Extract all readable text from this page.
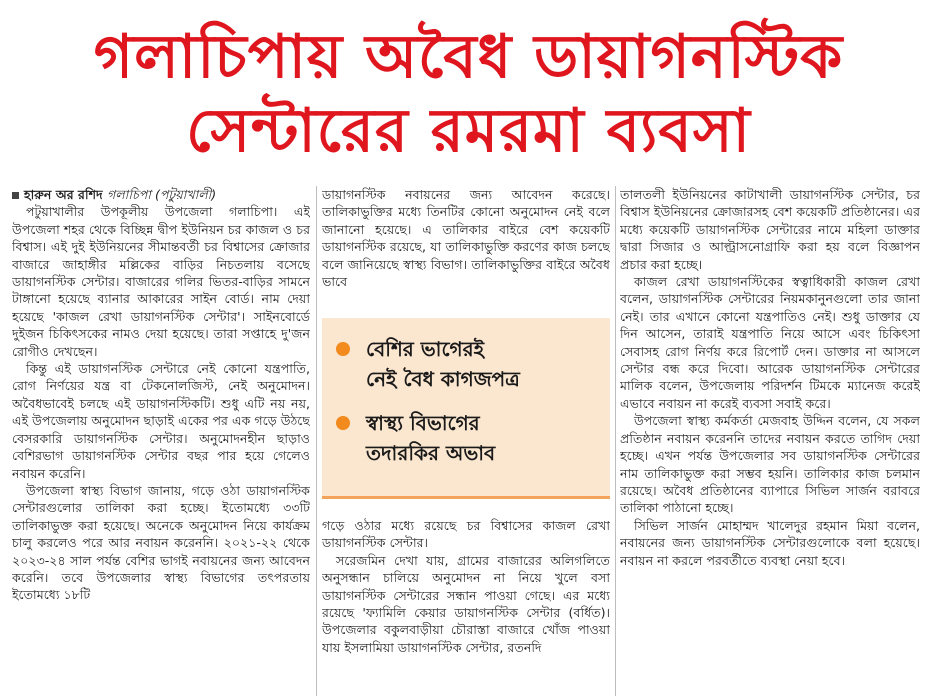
গলাচিপায় অবৈধ ডায়াগনস্টিক
সেন্টারের রমরমা ব্যবসা

হারুন অর রশিদ গলাচিপা (পটুয়াখালী)

পটুয়াখালীর উপকূলীয় উপজেলা গলাচিপা। এই উপজেলা শহর থেকে বিচ্ছিন্ন দ্বীপ ইউনিয়ন চর কাজল ও চর বিশ্বাস। এই দুই ইউনিয়নের সীমান্তবর্তী চর বিশ্বাসের ক্রোজার বাজারে জাহাঙ্গীর মল্লিকের বাড়ির নিচতলায় বসেছে ডায়াগনস্টিক সেন্টার। বাজারের গলির ভিতর-বাড়ির সামনে টাঙ্গানো হয়েছে ব্যানার আকারের সাইন বোর্ড। নাম দেয়া হয়েছে 'কাজল রেখা ডায়াগনস্টিক সেন্টার'। সাইনবোর্ডে দুইজন চিকিৎসকের নামও দেয়া হয়েছে। তারা সপ্তাহে দু'জন রোগীও দেখছেন।

কিন্তু এই ডায়াগনস্টিক সেন্টারে নেই কোনো যন্ত্রপাতি, রোগ নির্ণয়ের যন্ত্র বা টেকনোলজিস্ট, নেই অনুমোদন। অবৈধভাবেই চলছে এই ডায়াগনস্টিকটি। শুধু এটি নয় নয়, এই উপজেলায় অনুমোদন ছাড়াই একের পর এক গড়ে উঠছে বেসরকারি ডায়াগনস্টিক সেন্টার। অনুমোদনহীন ছাড়াও বেশিরভাগ ডায়াগনস্টিক সেন্টার বছর পার হয়ে গেলেও নবায়ন করেনি।

উপজেলা স্বাস্থ্য বিভাগ জানায়, গড়ে ওঠা ডায়াগনস্টিক সেন্টারগুলোর তালিকা করা হচ্ছে। ইতোমধ্যে ৩৩টি তালিকাভুক্ত করা হয়েছে। অনেকে অনুমোদন নিয়ে কার্যক্রম চালু করলেও পরে আর নবায়ন করেননি। ২০২১-২২ থেকে ২০২৩-২৪ সাল পর্যন্ত বেশির ভাগই নবায়নের জন্য আবেদন করেনি। তবে উপজেলার স্বাস্থ্য বিভাগের তৎপরতায় ইতোমধ্যে ১৮টি

ডায়াগনস্টিক নবায়নের জন্য আবেদন করেছে। তালিকাভুক্তির মধ্যে তিনটির কোনো অনুমোদন নেই বলে জানানো হয়েছে। এ তালিকার বাইরে বেশ কয়েকটি ডায়াগনস্টিক রয়েছে, যা তালিকাভুক্তি করণের কাজ চলছে বলে জানিয়েছে স্বাস্থ্য বিভাগ। তালিকাভুক্তির বাইরে অবৈধ ভাবে

বেশির ভাগেরই
নেই বৈধ কাগজপত্র
স্বাস্থ্য বিভাগের
তদারকির অভাব

গড়ে ওঠার মধ্যে রয়েছে চর বিশ্বাসের কাজল রেখা ডায়াগনস্টিক সেন্টার।

সরেজমিন দেখা যায়, গ্রামের বাজারের অলিগলিতে অনুসন্ধান চালিয়ে অনুমোদন না নিয়ে খুলে বসা ডায়াগনস্টিক সেন্টারের সন্ধান পাওয়া গেছে। এর মধ্যে রয়েছে 'ফ্যামিলি কেয়ার ডায়াগনস্টিক সেন্টার (বর্ধিত)। উপজেলার বকুলবাড়ীয়া চৌরাস্তা বাজারে খোঁজ পাওয়া যায় ইসলামিয়া ডায়াগনস্টিক সেন্টার, রতনদি

তালতলী ইউনিয়নের কাটাখালী ডায়াগনস্টিক সেন্টার, চর বিশ্বাস ইউনিয়নের ক্রোজারসহ বেশ কয়েকটি প্রতিষ্ঠানের। এর মধ্যে কয়েকটি ডায়াগনস্টিক সেন্টারের নামে মহিলা ডাক্তার দ্বারা সিজার ও আল্ট্রাসনোগ্রাফি করা হয় বলে বিজ্ঞাপন প্রচার করা হচ্ছে।

কাজল রেখা ডায়াগনস্টিকের স্বত্বাধিকারী কাজল রেখা বলেন, ডায়াগনস্টিক সেন্টারের নিয়মকানুনগুলো তার জানা নেই। তার এখানে কোনো যন্ত্রপাতিও নেই। শুধু ডাক্তার যে দিন আসেন, তারাই যন্ত্রপাতি নিয়ে আসে এবং চিকিৎসা সেবাসহ রোগ নির্ণয় করে রিপোর্ট দেন। ডাক্তার না আসলে সেন্টার বন্ধ করে দিবো। আরেক ডায়াগনস্টিক সেন্টারের মালিক বলেন, উপজেলায় পরিদর্শন টিমকে ম্যানেজ করেই এভাবে নবায়ন না করেই ব্যবসা সবাই করে।

উপজেলা স্বাস্থ্য কর্মকর্তা মেজবাহ উদ্দিন বলেন, যে সকল প্রতিষ্ঠান নবায়ন করেননি তাদের নবায়ন করতে তাগিদ দেয়া হচ্ছে। এখন পর্যন্ত উপজেলার সব ডায়াগনস্টিক সেন্টারের নাম তালিকাভুক্ত করা সম্ভব হয়নি। তালিকার কাজ চলমান রয়েছে। অবৈধ প্রতিষ্ঠানের ব্যাপারে সিভিল সার্জন বরাবরে তালিকা পাঠানো হচ্ছে।

সিভিল সার্জন মোহাম্মদ খালেদুর রহমান মিয়া বলেন, নবায়নের জন্য ডায়াগনস্টিক সেন্টারগুলোকে বলা হয়েছে। নবায়ন না করলে পরবর্তীতে ব্যবস্থা নেয়া হবে।
